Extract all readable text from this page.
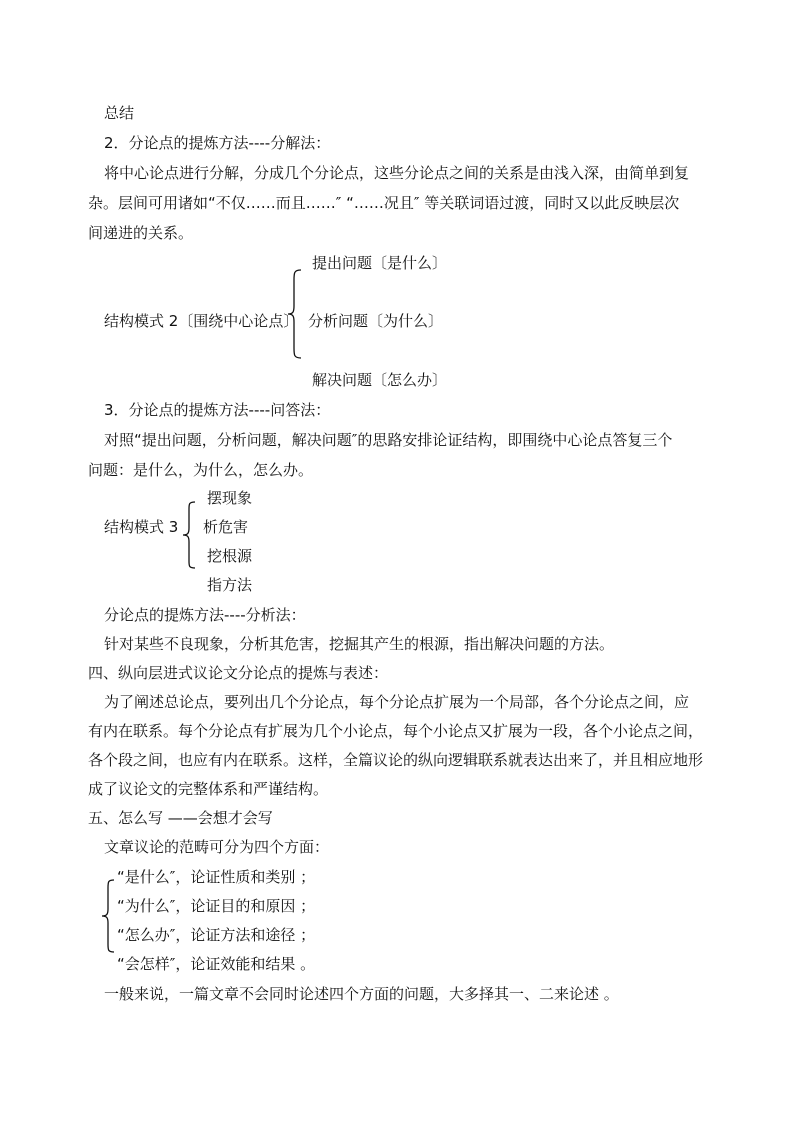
总结
2．分论点的提炼方法----分解法：
将中心论点进行分解，分成几个分论点，这些分论点之间的关系是由浅入深，由简单到复
杂。层间可用诸如“不仅……而且……″ “……况且″ 等关联词语过渡，同时又以此反映层次
间递进的关系。
提出问题〔是什么〕
结构模式 2〔围绕中心论点〕 分析问题〔为什么〕
解决问题〔怎么办〕
3．分论点的提炼方法----问答法：
对照“提出问题，分析问题，解决问题″的思路安排论证结构，即围绕中心论点答复三个
问题：是什么，为什么，怎么办。
摆现象
结构模式 3 析危害
挖根源
指方法
分论点的提炼方法----分析法：
针对某些不良现象，分析其危害，挖掘其产生的根源，指出解决问题的方法。
四、纵向层进式议论文分论点的提炼与表述：
为了阐述总论点，要列出几个分论点，每个分论点扩展为一个局部，各个分论点之间，应
有内在联系。每个分论点有扩展为几个小论点，每个小论点又扩展为一段，各个小论点之间，
各个段之间，也应有内在联系。这样，全篇议论的纵向逻辑联系就表达出来了，并且相应地形
成了议论文的完整体系和严谨结构。
五、怎么写 ——会想才会写
文章议论的范畴可分为四个方面：
“是什么″，论证性质和类别 ；
“为什么″，论证目的和原因 ；
“怎么办″，论证方法和途径 ；
“会怎样″，论证效能和结果 。
一般来说，一篇文章不会同时论述四个方面的问题，大多择其一、二来论述 。
